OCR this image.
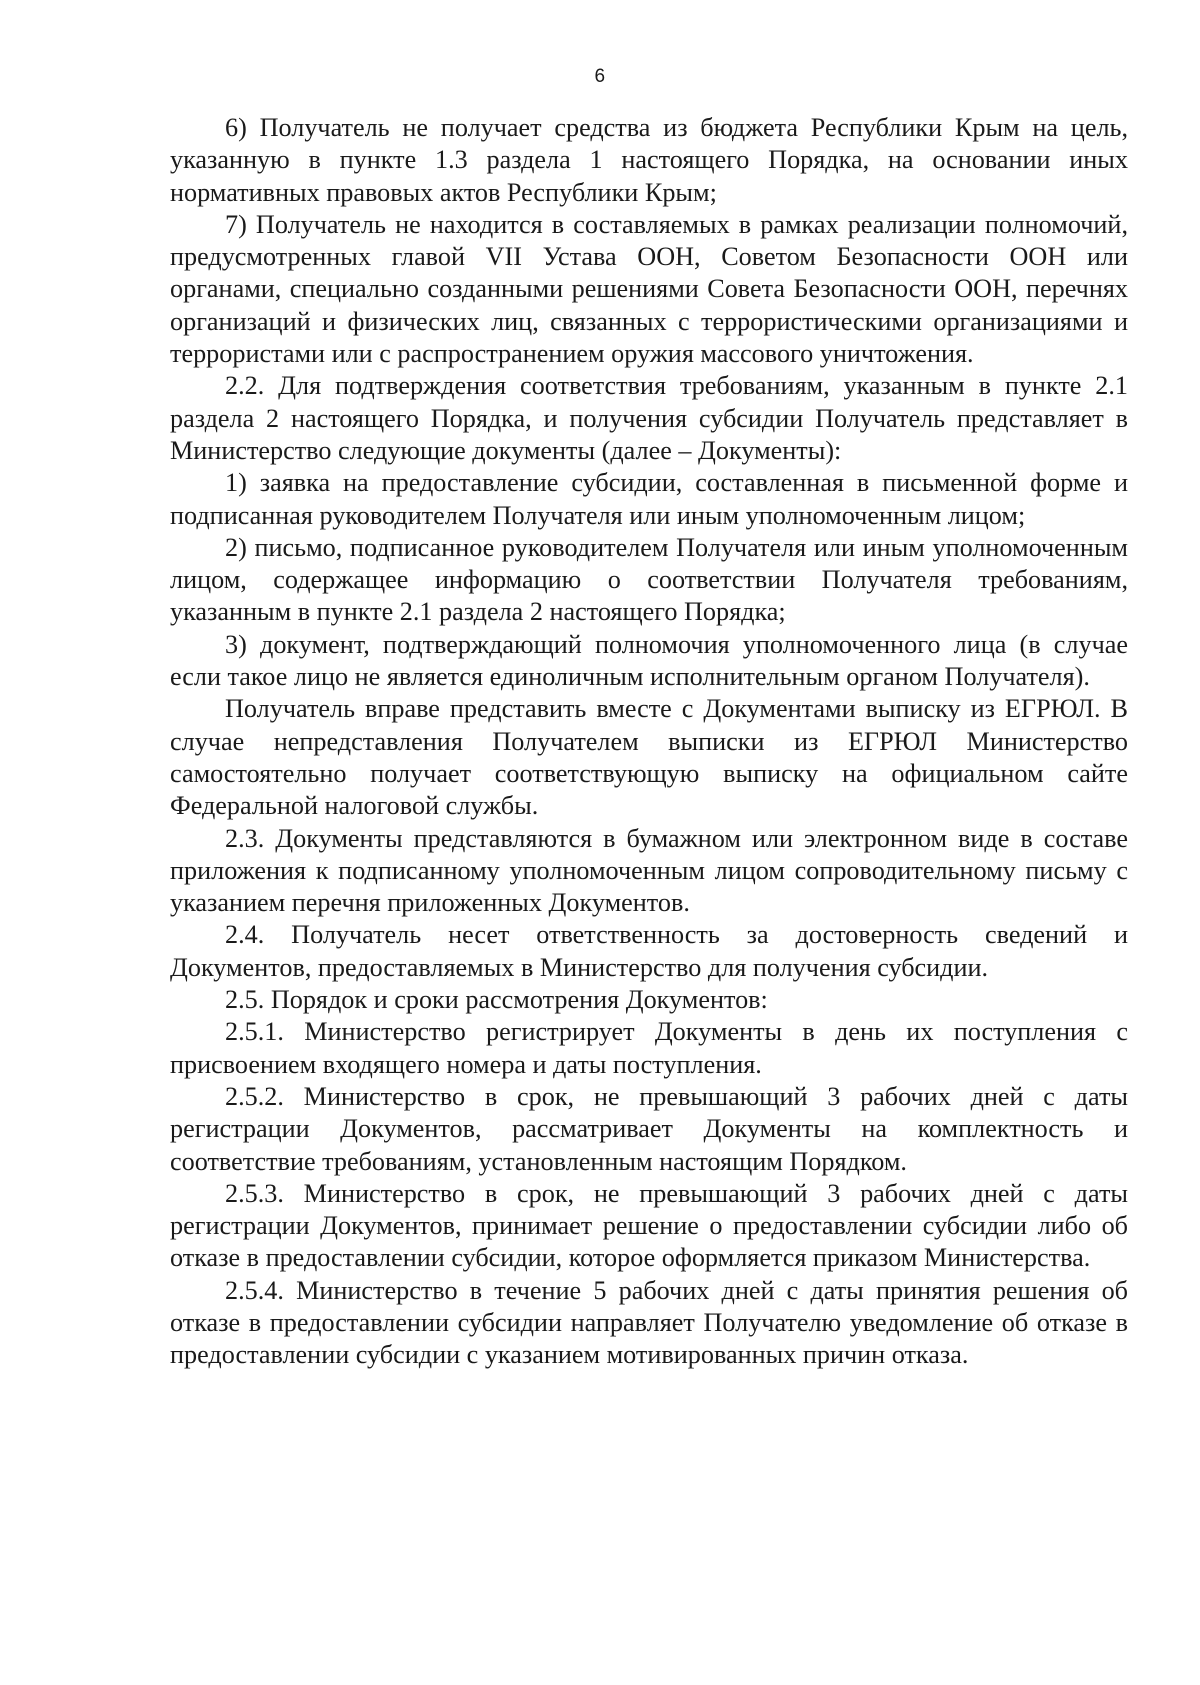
6

6) Получатель не получает средства из бюджета Республики Крым на цель, указанную в пункте 1.3 раздела 1 настоящего Порядка, на основании иных нормативных правовых актов Республики Крым;

7) Получатель не находится в составляемых в рамках реализации полномочий, предусмотренных главой VII Устава ООН, Советом Безопасности ООН или органами, специально созданными решениями Совета Безопасности ООН, перечнях организаций и физических лиц, связанных с террористическими организациями и террористами или с распространением оружия массового уничтожения.

2.2. Для подтверждения соответствия требованиям, указанным в пункте 2.1 раздела 2 настоящего Порядка, и получения субсидии Получатель представляет в Министерство следующие документы (далее – Документы):

1) заявка на предоставление субсидии, составленная в письменной форме и подписанная руководителем Получателя или иным уполномоченным лицом;

2) письмо, подписанное руководителем Получателя или иным уполномоченным лицом, содержащее информацию о соответствии Получателя требованиям, указанным в пункте 2.1 раздела 2 настоящего Порядка;

3) документ, подтверждающий полномочия уполномоченного лица (в случае если такое лицо не является единоличным исполнительным органом Получателя).

Получатель вправе представить вместе с Документами выписку из ЕГРЮЛ. В случае непредставления Получателем выписки из ЕГРЮЛ Министерство самостоятельно получает соответствующую выписку на официальном сайте Федеральной налоговой службы.

2.3. Документы представляются в бумажном или электронном виде в составе приложения к подписанному уполномоченным лицом сопроводительному письму с указанием перечня приложенных Документов.

2.4. Получатель несет ответственность за достоверность сведений и Документов, предоставляемых в Министерство для получения субсидии.

2.5. Порядок и сроки рассмотрения Документов:

2.5.1. Министерство регистрирует Документы в день их поступления с присвоением входящего номера и даты поступления.

2.5.2. Министерство в срок, не превышающий 3 рабочих дней с даты регистрации Документов, рассматривает Документы на комплектность и соответствие требованиям, установленным настоящим Порядком.

2.5.3. Министерство в срок, не превышающий 3 рабочих дней с даты регистрации Документов, принимает решение о предоставлении субсидии либо об отказе в предоставлении субсидии, которое оформляется приказом Министерства.

2.5.4. Министерство в течение 5 рабочих дней с даты принятия решения об отказе в предоставлении субсидии направляет Получателю уведомление об отказе в предоставлении субсидии с указанием мотивированных причин отказа.
